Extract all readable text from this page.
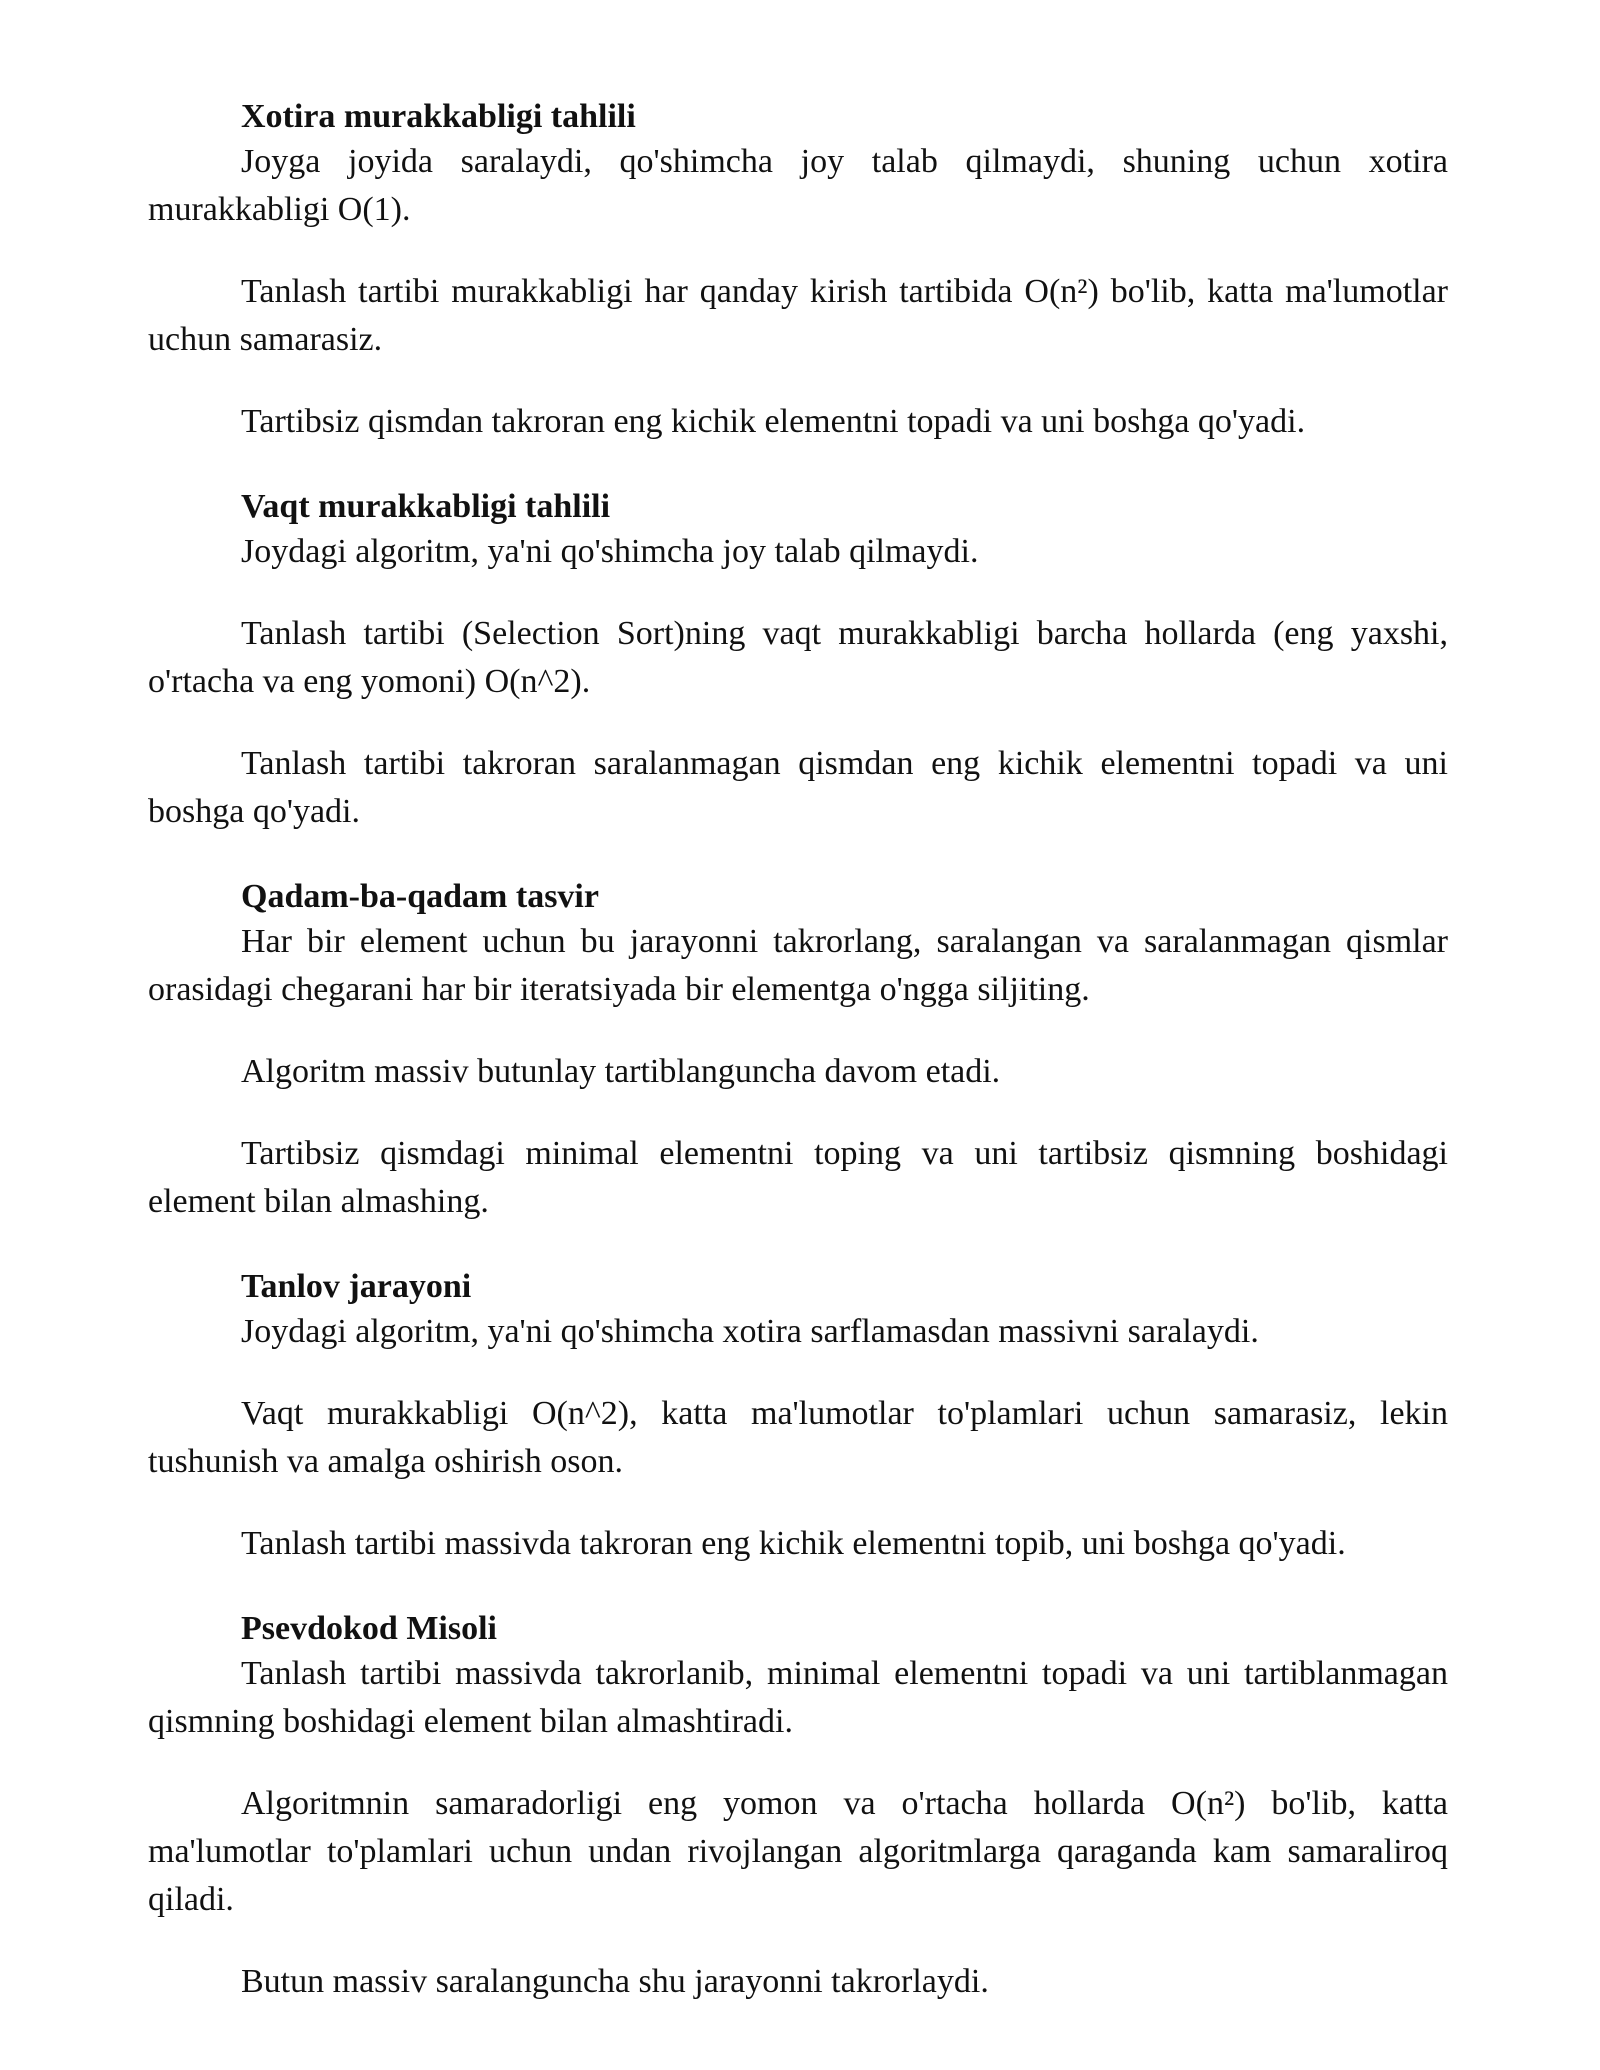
Xotira murakkabligi tahlili

Joyga joyida saralaydi, qo'shimcha joy talab qilmaydi, shuning uchun xotira murakkabligi O(1).

Tanlash tartibi murakkabligi har qanday kirish tartibida O(n²) bo'lib, katta ma'lumotlar uchun samarasiz.

Tartibsiz qismdan takroran eng kichik elementni topadi va uni boshga qo'yadi.

Vaqt murakkabligi tahlili

Joydagi algoritm, ya'ni qo'shimcha joy talab qilmaydi.

Tanlash tartibi (Selection Sort)ning vaqt murakkabligi barcha hollarda (eng yaxshi, o'rtacha va eng yomoni) O(n^2).

Tanlash tartibi takroran saralanmagan qismdan eng kichik elementni topadi va uni boshga qo'yadi.

Qadam-ba-qadam tasvir

Har bir element uchun bu jarayonni takrorlang, saralangan va saralanmagan qismlar orasidagi chegarani har bir iteratsiyada bir elementga o'ngga siljiting.

Algoritm massiv butunlay tartiblanguncha davom etadi.

Tartibsiz qismdagi minimal elementni toping va uni tartibsiz qismning boshidagi element bilan almashing.

Tanlov jarayoni

Joydagi algoritm, ya'ni qo'shimcha xotira sarflamasdan massivni saralaydi.

Vaqt murakkabligi O(n^2), katta ma'lumotlar to'plamlari uchun samarasiz, lekin tushunish va amalga oshirish oson.

Tanlash tartibi massivda takroran eng kichik elementni topib, uni boshga qo'yadi.

Psevdokod Misoli

Tanlash tartibi massivda takrorlanib, minimal elementni topadi va uni tartiblanmagan qismning boshidagi element bilan almashtiradi.

Algoritmnin samaradorligi eng yomon va o'rtacha hollarda O(n²) bo'lib, katta ma'lumotlar to'plamlari uchun undan rivojlangan algoritmlarga qaraganda kam samaraliroq qiladi.

Butun massiv saralanguncha shu jarayonni takrorlaydi.
